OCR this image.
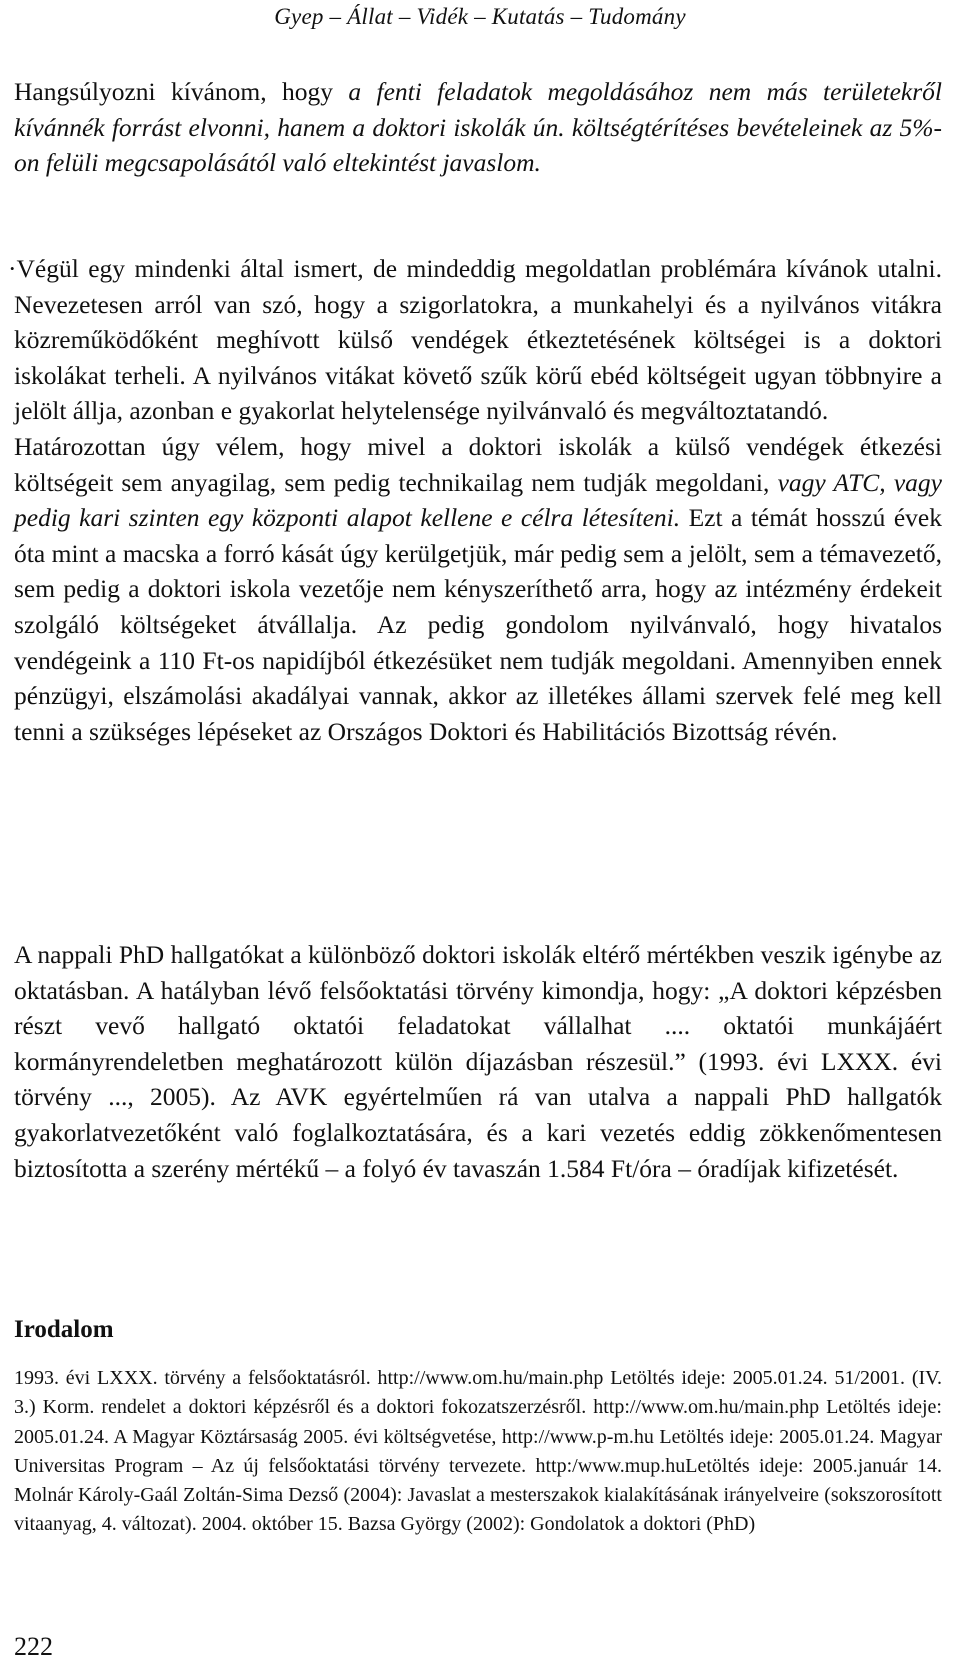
Gyep – Állat – Vidék – Kutatás – Tudomány

Hangsúlyozni kívánom, hogy a fenti feladatok megoldásához nem más területekről kívánnék forrást elvonni, hanem a doktori iskolák ún. költségtérítéses bevételeinek az 5%-on felüli megcsapolásától való eltekintést javaslom.

·Végül egy mindenki által ismert, de mindeddig megoldatlan problémára kívánok utalni. Nevezetesen arról van szó, hogy a szigorlatokra, a munkahelyi és a nyilvános vitákra közreműködőként meghívott külső vendégek étkeztetésének költségei is a doktori iskolákat terheli. A nyilvános vitákat követő szűk körű ebéd költségeit ugyan többnyire a jelölt állja, azonban e gyakorlat helytelensége nyilvánvaló és megváltoztatandó.

Határozottan úgy vélem, hogy mivel a doktori iskolák a külső vendégek étkezési költségeit sem anyagilag, sem pedig technikailag nem tudják megoldani, vagy ATC, vagy pedig kari szinten egy központi alapot kellene e célra létesíteni. Ezt a témát hosszú évek óta mint a macska a forró kását úgy kerülgetjük, már pedig sem a jelölt, sem a témavezető, sem pedig a doktori iskola vezetője nem kényszeríthető arra, hogy az intézmény érdekeit szolgáló költségeket átvállalja. Az pedig gondolom nyilvánvaló, hogy hivatalos vendégeink a 110 Ft-os napidíjból étkezésüket nem tudják megoldani. Amennyiben ennek pénzügyi, elszámolási akadályai vannak, akkor az illetékes állami szervek felé meg kell tenni a szükséges lépéseket az Országos Doktori és Habilitációs Bizottság révén.

A nappali PhD hallgatókat a különböző doktori iskolák eltérő mértékben veszik igénybe az oktatásban. A hatályban lévő felsőoktatási törvény kimondja, hogy: „A doktori képzésben részt vevő hallgató oktatói feladatokat vállalhat .... oktatói munkájáért kormányrendeletben meghatározott külön díjazásban részesül.” (1993. évi LXXX. évi törvény ..., 2005). Az AVK egyértelműen rá van utalva a nappali PhD hallgatók gyakorlatvezetőként való foglalkoztatására, és a kari vezetés eddig zökkenőmentesen biztosította a szerény mértékű – a folyó év tavaszán 1.584 Ft/óra – óradíjak kifizetését.

Irodalom
1993. évi LXXX. törvény a felsőoktatásról. http://www.om.hu/main.php Letöltés ideje: 2005.01.24. 51/2001. (IV. 3.) Korm. rendelet a doktori képzésről és a doktori fokozatszerzésről. http://www.om.hu/main.php Letöltés ideje: 2005.01.24. A Magyar Köztársaság 2005. évi költségvetése, http://www.p-m.hu Letöltés ideje: 2005.01.24. Magyar Universitas Program – Az új felsőoktatási törvény tervezete. http:/www.mup.huLetöltés ideje: 2005.január 14. Molnár Károly-Gaál Zoltán-Sima Dezső (2004): Javaslat a mesterszakok kialakításának irányelveire (sokszorosított vitaanyag, 4. változat). 2004. október 15. Bazsa György (2002): Gondolatok a doktori (PhD)
222
